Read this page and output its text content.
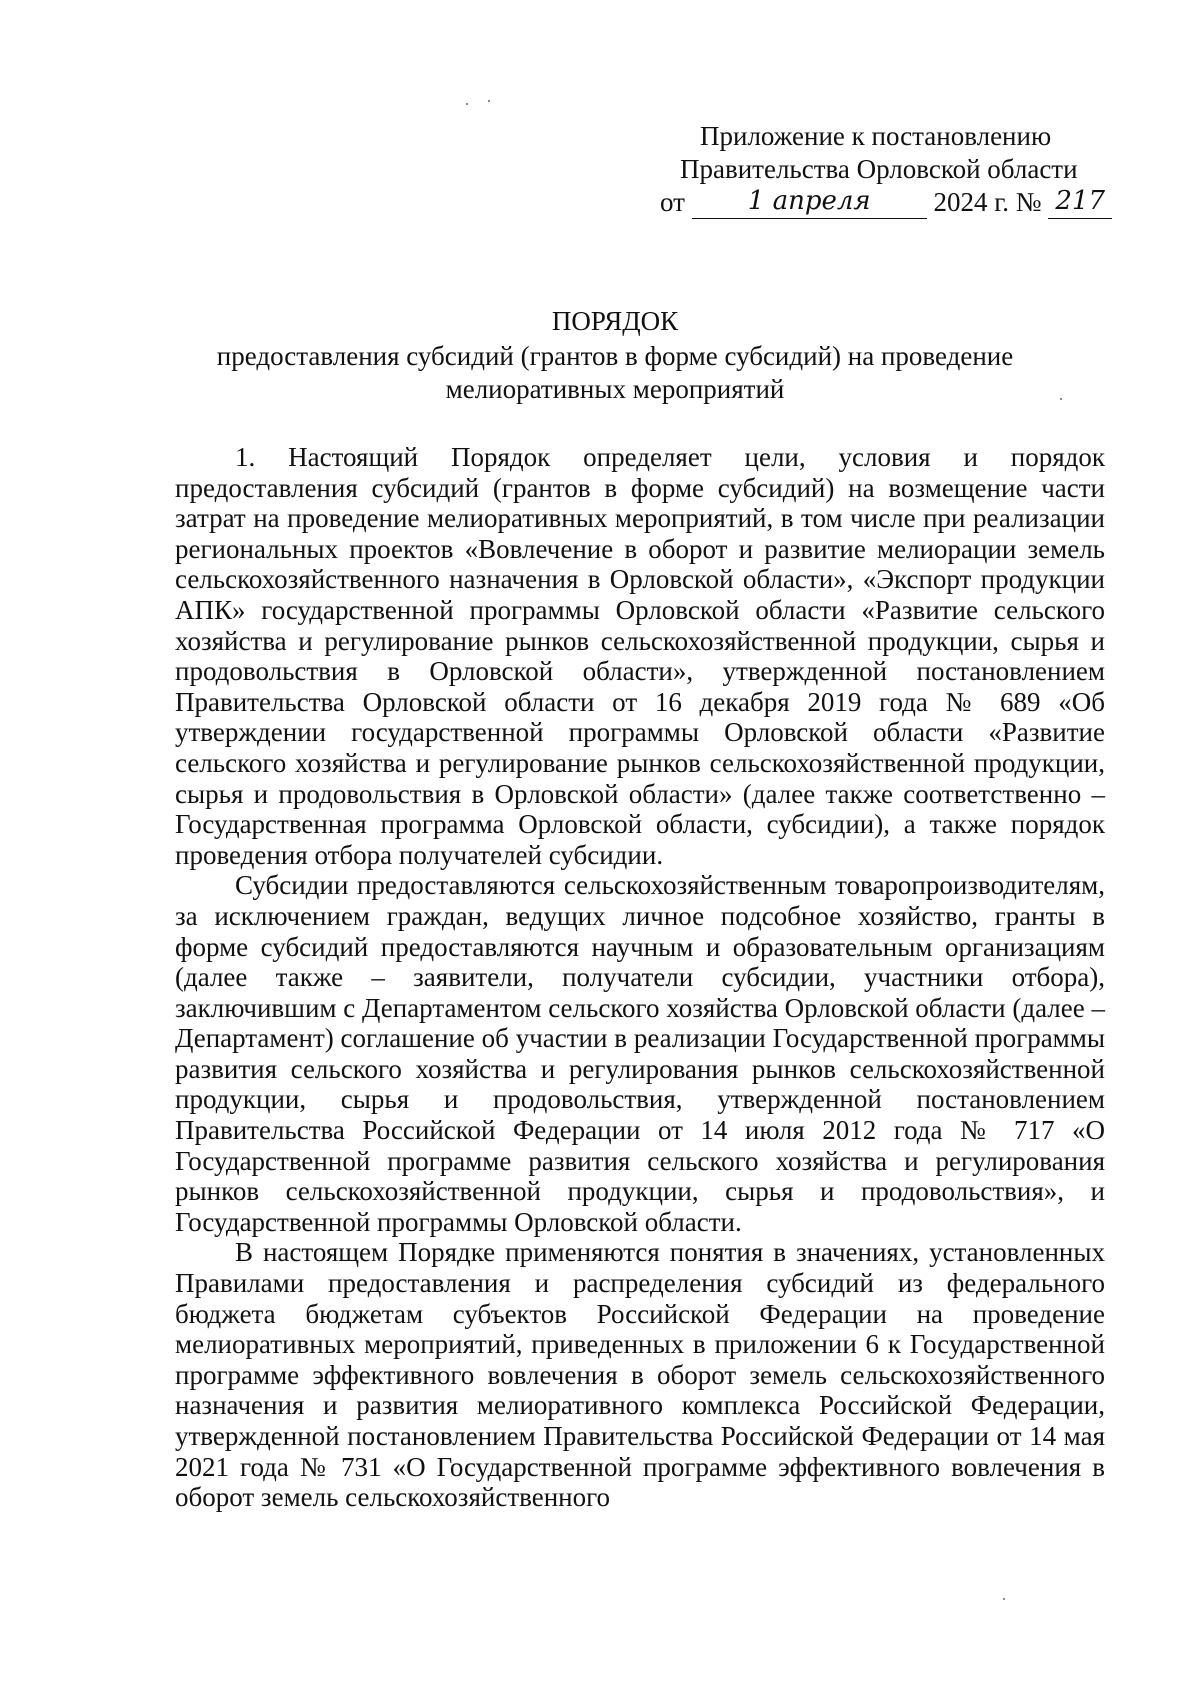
Приложение к постановлению
Правительства Орловской области
от 1 апреля 2024 г. № 217
ПОРЯДОК
предоставления субсидий (грантов в форме субсидий) на проведение
мелиоративных мероприятий

1. Настоящий Порядок определяет цели, условия и порядок предоставления субсидий (грантов в форме субсидий) на возмещение части затрат на проведение мелиоративных мероприятий, в том числе при реализации региональных проектов «Вовлечение в оборот и развитие мелиорации земель сельскохозяйственного назначения в Орловской области», «Экспорт продукции АПК» государственной программы Орловской области «Развитие сельского хозяйства и регулирование рынков сельскохозяйственной продукции, сырья и продовольствия в Орловской области», утвержденной постановлением Правительства Орловской области от 16 декабря 2019 года № 689 «Об утверждении государственной программы Орловской области «Развитие сельского хозяйства и регулирование рынков сельскохозяйственной продукции, сырья и продовольствия в Орловской области» (далее также соответственно – Государственная программа Орловской области, субсидии), а также порядок проведения отбора получателей субсидии.

Субсидии предоставляются сельскохозяйственным товаропроизводителям, за исключением граждан, ведущих личное подсобное хозяйство, гранты в форме субсидий предоставляются научным и образовательным организациям (далее также – заявители, получатели субсидии, участники отбора), заключившим с Департаментом сельского хозяйства Орловской области (далее – Департамент) соглашение об участии в реализации Государственной программы развития сельского хозяйства и регулирования рынков сельскохозяйственной продукции, сырья и продовольствия, утвержденной постановлением Правительства Российской Федерации от 14 июля 2012 года № 717 «О Государственной программе развития сельского хозяйства и регулирования рынков сельскохозяйственной продукции, сырья и продовольствия», и Государственной программы Орловской области.

В настоящем Порядке применяются понятия в значениях, установленных Правилами предоставления и распределения субсидий из федерального бюджета бюджетам субъектов Российской Федерации на проведение мелиоративных мероприятий, приведенных в приложении 6 к Государственной программе эффективного вовлечения в оборот земель сельскохозяйственного назначения и развития мелиоративного комплекса Российской Федерации, утвержденной постановлением Правительства Российской Федерации от 14 мая 2021 года № 731 «О Государственной программе эффективного вовлечения в оборот земель сельскохозяйственного
